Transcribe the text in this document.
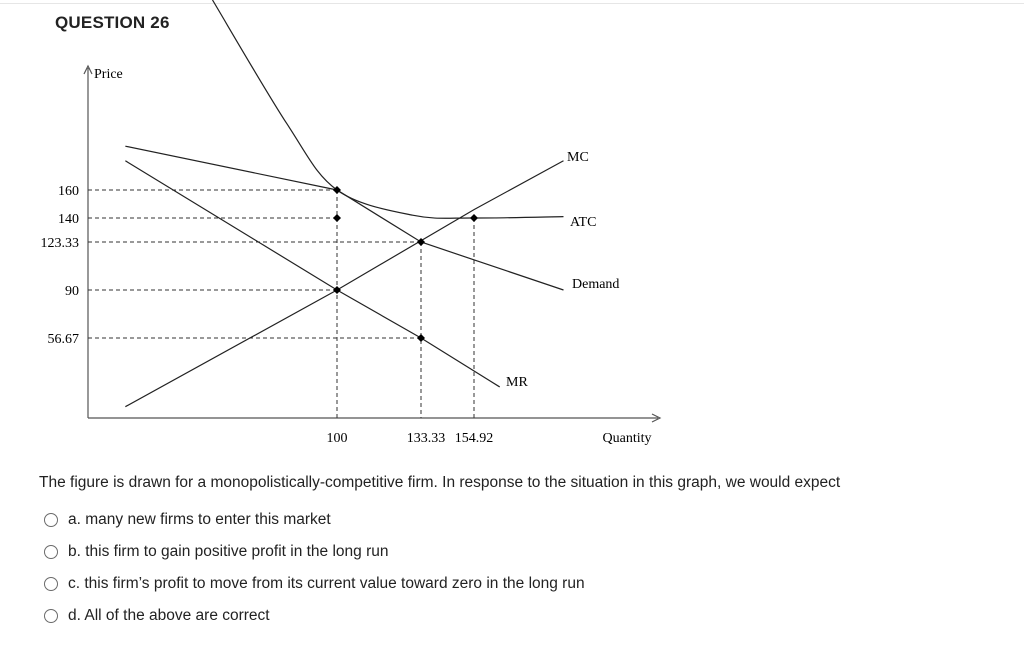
QUESTION 26
Price
Quantity
MC
ATC
Demand
MR
160
140
123.33
90
56.67
100	133.33 154.92
The figure is drawn for a monopolistically-competitive firm. In response to the situation in this graph, we would expect
a. many new firms to enter this market
b. this firm to gain positive profit in the long run
c. this firm’s profit to move from its current value toward zero in the long run
d. All of the above are correct
